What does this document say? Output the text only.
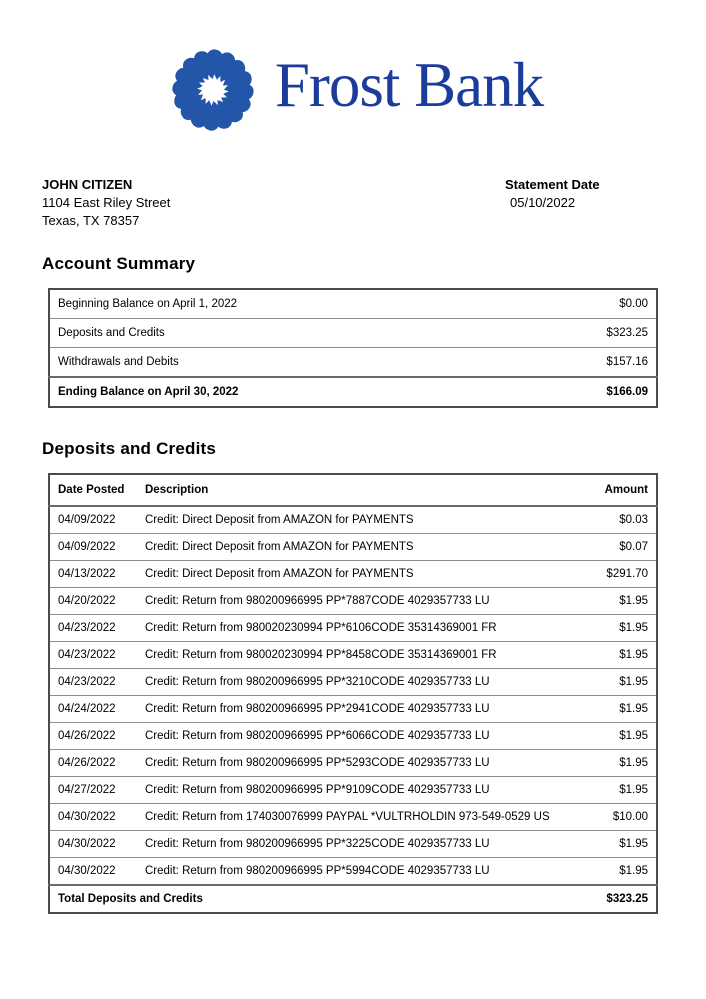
Frost Bank
JOHN CITIZEN
1104 East Riley Street
Texas, TX 78357
Statement Date
05/10/2022
Account Summary
Beginning Balance on April 1, 2022	$0.00
Deposits and Credits	$323.25
Withdrawals and Debits	$157.16
Ending Balance on April 30, 2022	$166.09
Deposits and Credits
Date Posted	Description	Amount
04/09/2022	Credit: Direct Deposit from AMAZON for PAYMENTS	$0.03
04/09/2022	Credit: Direct Deposit from AMAZON for PAYMENTS	$0.07
04/13/2022	Credit: Direct Deposit from AMAZON for PAYMENTS	$291.70
04/20/2022	Credit: Return from 980200966995 PP*7887CODE 4029357733 LU	$1.95
04/23/2022	Credit: Return from 980020230994 PP*6106CODE 35314369001 FR	$1.95
04/23/2022	Credit: Return from 980020230994 PP*8458CODE 35314369001 FR	$1.95
04/23/2022	Credit: Return from 980200966995 PP*3210CODE 4029357733 LU	$1.95
04/24/2022	Credit: Return from 980200966995 PP*2941CODE 4029357733 LU	$1.95
04/26/2022	Credit: Return from 980200966995 PP*6066CODE 4029357733 LU	$1.95
04/26/2022	Credit: Return from 980200966995 PP*5293CODE 4029357733 LU	$1.95
04/27/2022	Credit: Return from 980200966995 PP*9109CODE 4029357733 LU	$1.95
04/30/2022	Credit: Return from 174030076999 PAYPAL *VULTRHOLDIN 973-549-0529 US	$10.00
04/30/2022	Credit: Return from 980200966995 PP*3225CODE 4029357733 LU	$1.95
04/30/2022	Credit: Return from 980200966995 PP*5994CODE 4029357733 LU	$1.95
Total Deposits and Credits		$323.25
